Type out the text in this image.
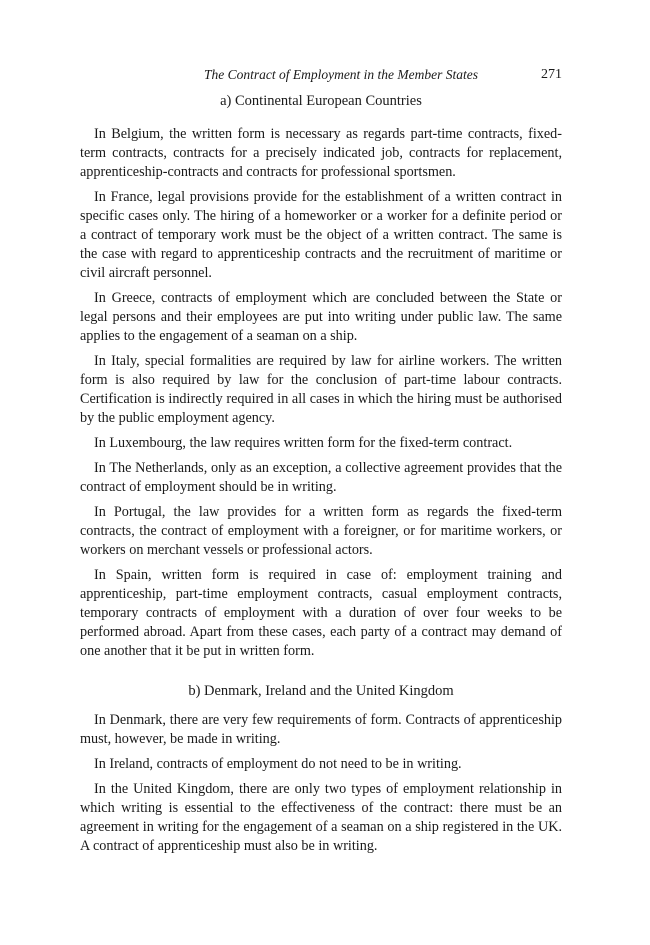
The Contract of Employment in the Member States	271
a) Continental European Countries

In Belgium, the written form is necessary as regards part-time contracts, fixed-term contracts, contracts for a precisely indicated job, contracts for replacement, apprenticeship-contracts and contracts for professional sportsmen.

In France, legal provisions provide for the establishment of a written contract in specific cases only. The hiring of a homeworker or a worker for a definite period or a contract of temporary work must be the object of a written contract. The same is the case with regard to apprenticeship contracts and the recruitment of maritime or civil aircraft personnel.

In Greece, contracts of employment which are concluded between the State or legal persons and their employees are put into writing under public law. The same applies to the engagement of a seaman on a ship.

In Italy, special formalities are required by law for airline workers. The written form is also required by law for the conclusion of part-time labour contracts. Certification is indirectly required in all cases in which the hiring must be authorised by the public employment agency.

In Luxembourg, the law requires written form for the fixed-term contract.

In The Netherlands, only as an exception, a collective agreement provides that the contract of employment should be in writing.

In Portugal, the law provides for a written form as regards the fixed-term contracts, the contract of employment with a foreigner, or for maritime workers, or workers on merchant vessels or professional actors.

In Spain, written form is required in case of: employment training and apprenticeship, part-time employment contracts, casual employment contracts, temporary contracts of employment with a duration of over four weeks to be performed abroad. Apart from these cases, each party of a contract may demand of one another that it be put in written form.

b) Denmark, Ireland and the United Kingdom

In Denmark, there are very few requirements of form. Contracts of apprenticeship must, however, be made in writing.

In Ireland, contracts of employment do not need to be in writing.

In the United Kingdom, there are only two types of employment relationship in which writing is essential to the effectiveness of the contract: there must be an agreement in writing for the engagement of a seaman on a ship registered in the UK. A contract of apprenticeship must also be in writing.
